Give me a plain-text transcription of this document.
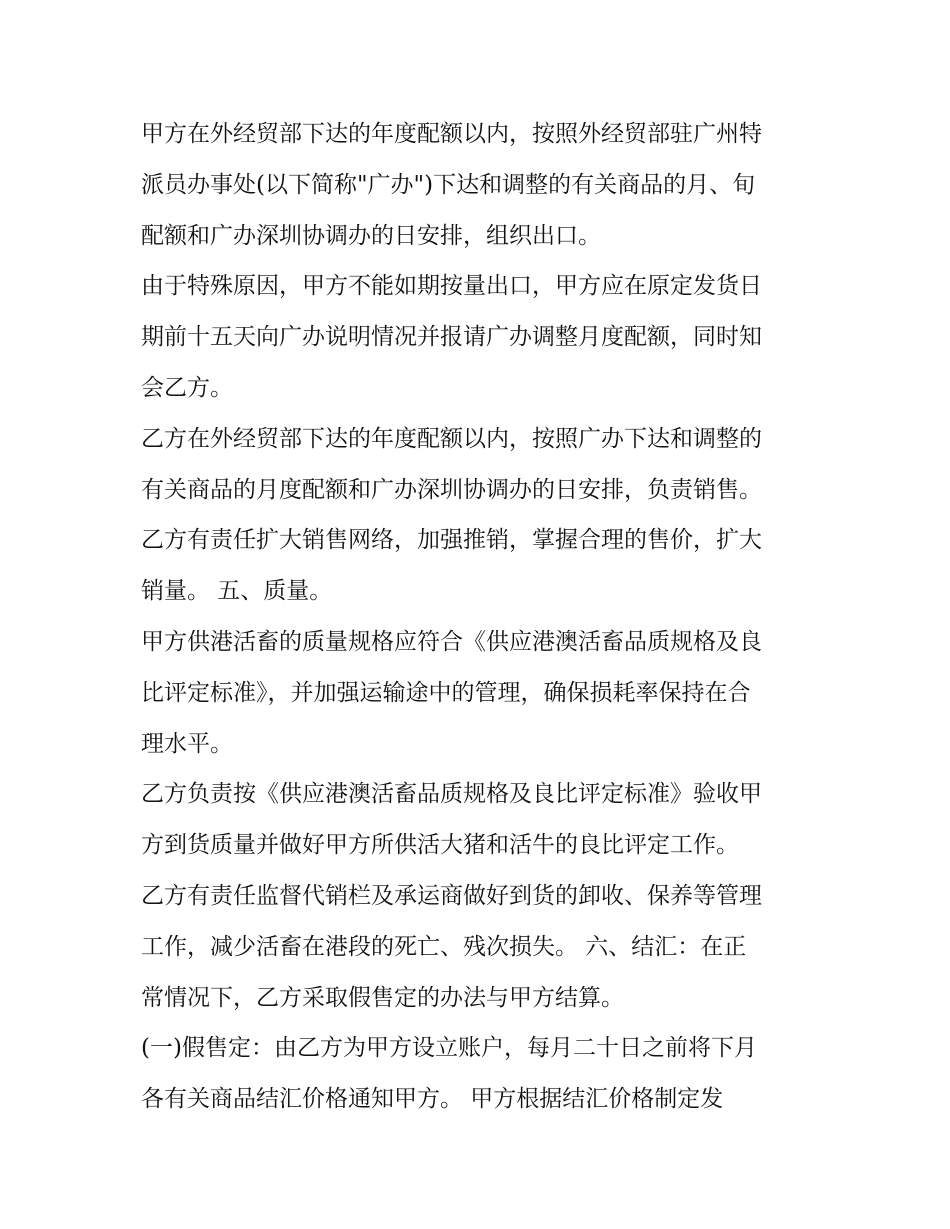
甲方在外经贸部下达的年度配额以内，按照外经贸部驻广州特
派员办事处(以下简称"广办")下达和调整的有关商品的月、旬
配额和广办深圳协调办的日安排，组织出口。
由于特殊原因，甲方不能如期按量出口，甲方应在原定发货日
期前十五天向广办说明情况并报请广办调整月度配额，同时知
会乙方。
乙方在外经贸部下达的年度配额以内，按照广办下达和调整的
有关商品的月度配额和广办深圳协调办的日安排，负责销售。
乙方有责任扩大销售网络，加强推销，掌握合理的售价，扩大
销量。 五、质量。
甲方供港活畜的质量规格应符合《供应港澳活畜品质规格及良
比评定标准》，并加强运输途中的管理，确保损耗率保持在合
理水平。
乙方负责按《供应港澳活畜品质规格及良比评定标准》验收甲
方到货质量并做好甲方所供活大猪和活牛的良比评定工作。
乙方有责任监督代销栏及承运商做好到货的卸收、保养等管理
工作，减少活畜在港段的死亡、残次损失。 六、结汇：在正
常情况下，乙方采取假售定的办法与甲方结算。
(一)假售定：由乙方为甲方设立账户，每月二十日之前将下月
各有关商品结汇价格通知甲方。 甲方根据结汇价格制定发
